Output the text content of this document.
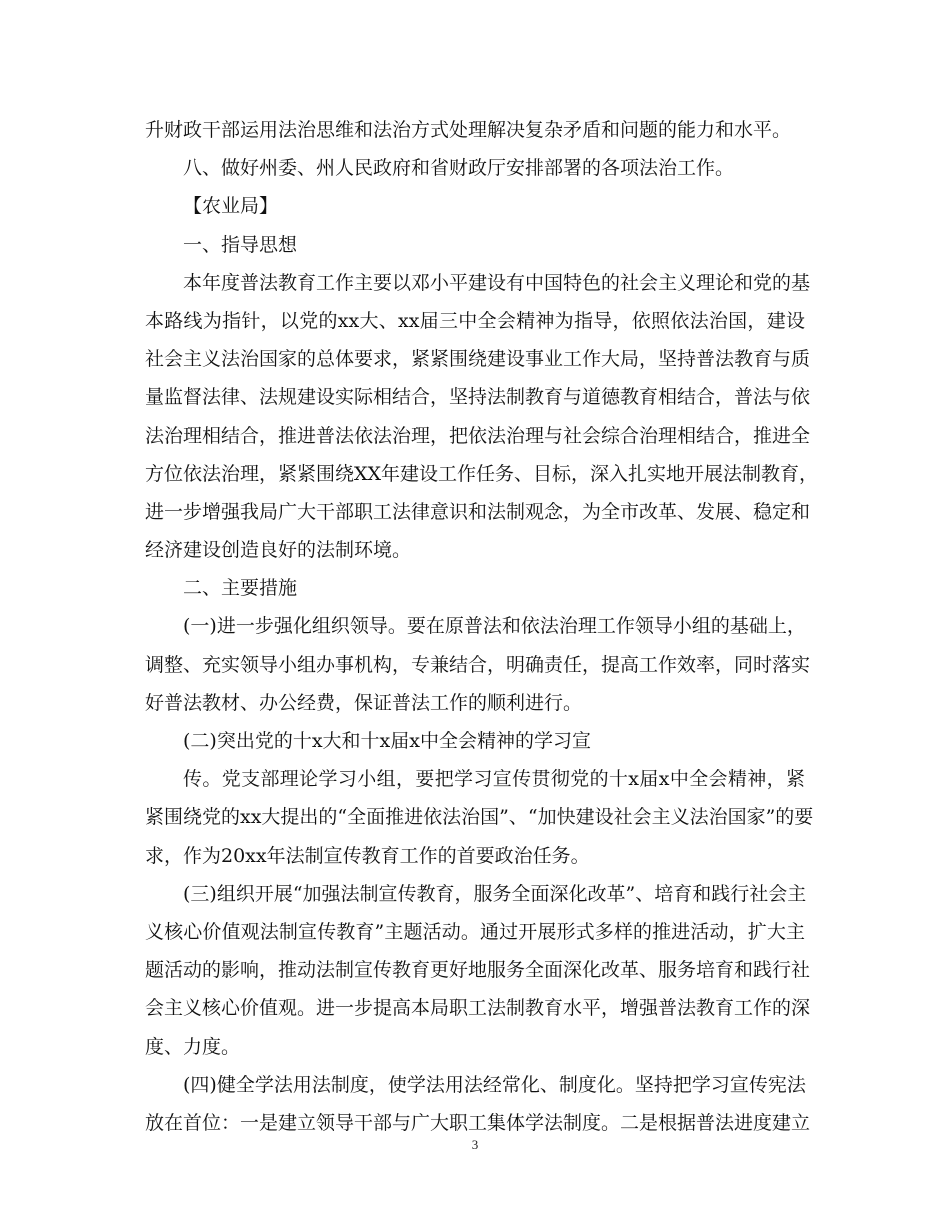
升财政干部运用法治思维和法治方式处理解决复杂矛盾和问题的能力和水平。
八、做好州委、州人民政府和省财政厅安排部署的各项法治工作。
【农业局】
一、指导思想
本年度普法教育工作主要以邓小平建设有中国特色的社会主义理论和党的基
本路线为指针，以党的xx大、xx届三中全会精神为指导，依照依法治国，建设
社会主义法治国家的总体要求，紧紧围绕建设事业工作大局，坚持普法教育与质
量监督法律、法规建设实际相结合，坚持法制教育与道德教育相结合，普法与依
法治理相结合，推进普法依法治理，把依法治理与社会综合治理相结合，推进全
方位依法治理，紧紧围绕XX年建设工作任务、目标，深入扎实地开展法制教育，
进一步增强我局广大干部职工法律意识和法制观念，为全市改革、发展、稳定和
经济建设创造良好的法制环境。
二、主要措施
(一)进一步强化组织领导。要在原普法和依法治理工作领导小组的基础上，
调整、充实领导小组办事机构，专兼结合，明确责任，提高工作效率，同时落实
好普法教材、办公经费，保证普法工作的顺利进行。
(二)突出党的十x大和十x届x中全会精神的学习宣
传。党支部理论学习小组，要把学习宣传贯彻党的十x届x中全会精神，紧
紧围绕党的xx大提出的“全面推进依法治国”、“加快建设社会主义法治国家”的要
求，作为20xx年法制宣传教育工作的首要政治任务。
(三)组织开展“加强法制宣传教育，服务全面深化改革”、培育和践行社会主
义核心价值观法制宣传教育”主题活动。通过开展形式多样的推进活动，扩大主
题活动的影响，推动法制宣传教育更好地服务全面深化改革、服务培育和践行社
会主义核心价值观。进一步提高本局职工法制教育水平，增强普法教育工作的深
度、力度。
(四)健全学法用法制度，使学法用法经常化、制度化。坚持把学习宣传宪法
放在首位：一是建立领导干部与广大职工集体学法制度。二是根据普法进度建立
3
